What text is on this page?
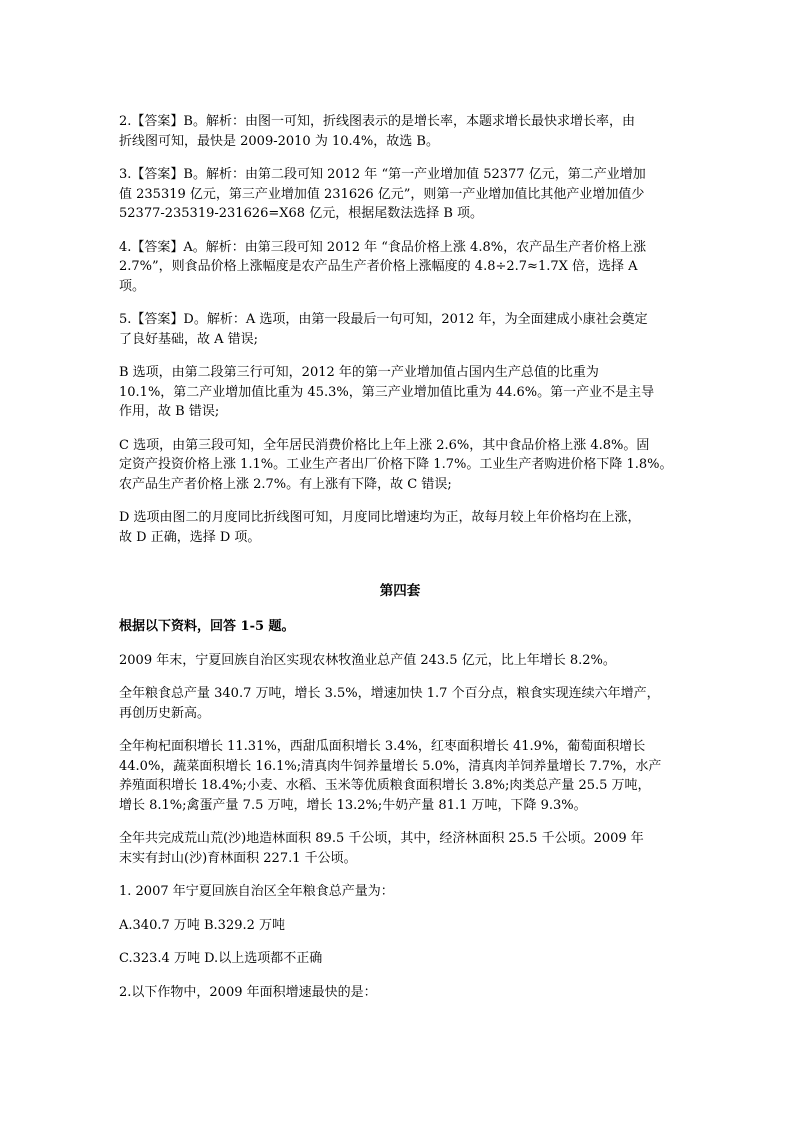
2.【答案】B。解析：由图一可知，折线图表示的是增长率，本题求增长最快求增长率，由
折线图可知，最快是 2009-2010 为 10.4%，故选 B。

3.【答案】B。解析：由第二段可知 2012 年 “第一产业增加值 52377 亿元，第二产业增加
值 235319 亿元，第三产业增加值 231626 亿元”，则第一产业增加值比其他产业增加值少
52377-235319-231626=X68 亿元，根据尾数法选择 B 项。

4.【答案】A。解析：由第三段可知 2012 年 “食品价格上涨 4.8%，农产品生产者价格上涨
2.7%”，则食品价格上涨幅度是农产品生产者价格上涨幅度的 4.8÷2.7≈1.7X 倍，选择 A
项。

5.【答案】D。解析：A 选项，由第一段最后一句可知，2012 年，为全面建成小康社会奠定
了良好基础，故 A 错误;

B 选项，由第二段第三行可知，2012 年的第一产业增加值占国内生产总值的比重为
10.1%，第二产业增加值比重为 45.3%，第三产业增加值比重为 44.6%。第一产业不是主导
作用，故 B 错误;

C 选项，由第三段可知，全年居民消费价格比上年上涨 2.6%，其中食品价格上涨 4.8%。固
定资产投资价格上涨 1.1%。工业生产者出厂价格下降 1.7%。工业生产者购进价格下降 1.8%。
农产品生产者价格上涨 2.7%。有上涨有下降，故 C 错误;

D 选项由图二的月度同比折线图可知，月度同比增速均为正，故每月较上年价格均在上涨，
故 D 正确，选择 D 项。

第四套

根据以下资料，回答 1-5 题。

2009 年末，宁夏回族自治区实现农林牧渔业总产值 243.5 亿元，比上年增长 8.2%。

全年粮食总产量 340.7 万吨，增长 3.5%，增速加快 1.7 个百分点，粮食实现连续六年增产，
再创历史新高。

全年枸杞面积增长 11.31%，西甜瓜面积增长 3.4%，红枣面积增长 41.9%，葡萄面积增长
44.0%，蔬菜面积增长 16.1%;清真肉牛饲养量增长 5.0%，清真肉羊饲养量增长 7.7%，水产
养殖面积增长 18.4%;小麦、水稻、玉米等优质粮食面积增长 3.8%;肉类总产量 25.5 万吨，
增长 8.1%;禽蛋产量 7.5 万吨，增长 13.2%;牛奶产量 81.1 万吨，下降 9.3%。

全年共完成荒山荒(沙)地造林面积 89.5 千公顷，其中，经济林面积 25.5 千公顷。2009 年
末实有封山(沙)育林面积 227.1 千公顷。

1. 2007 年宁夏回族自治区全年粮食总产量为：

A.340.7 万吨 B.329.2 万吨

C.323.4 万吨 D.以上选项都不正确

2.以下作物中，2009 年面积增速最快的是：
